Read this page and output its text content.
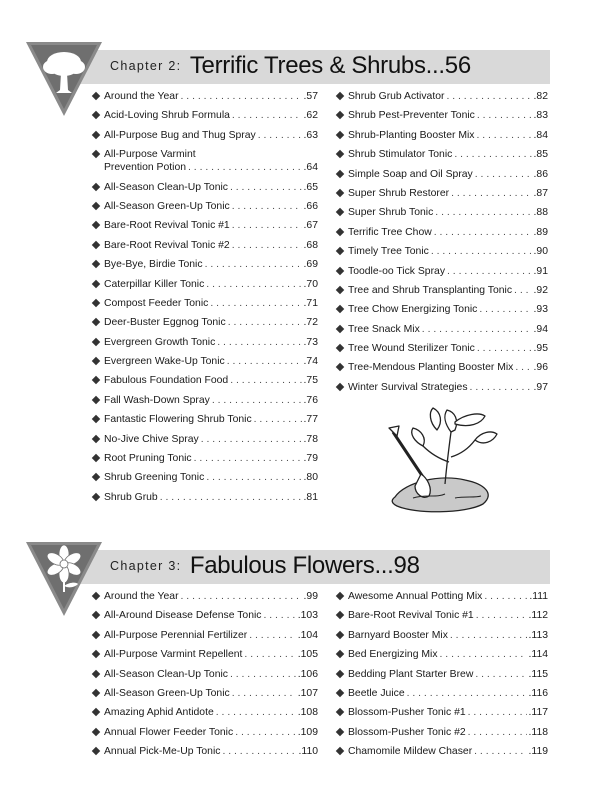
Chapter 2: Terrific Trees & Shrubs...56
Around the Year . . .	.57
Acid-Loving Shrub Formula . . .	.62
All-Purpose Bug and Thug Spray . . .	.63
All-Purpose Varmint
Prevention Potion . . .	.64
All-Season Clean-Up Tonic . . .	.65
All-Season Green-Up Tonic . . .	.66
Bare-Root Revival Tonic #1 . . .	.67
Bare-Root Revival Tonic #2 . . .	.68
Bye-Bye, Birdie Tonic . . .	.69
Caterpillar Killer Tonic . . .	.70
Compost Feeder Tonic . . .	.71
Deer-Buster Eggnog Tonic . . .	.72
Evergreen Growth Tonic . . .	.73
Evergreen Wake-Up Tonic . . .	.74
Fabulous Foundation Food . . .	.75
Fall Wash-Down Spray . . .	.76
Fantastic Flowering Shrub Tonic . . .	.77
No-Jive Chive Spray . . .	.78
Root Pruning Tonic . . .	.79
Shrub Greening Tonic . . .	.80
Shrub Grub . . .	.81
Shrub Grub Activator . . .	.82
Shrub Pest-Preventer Tonic . . .	.83
Shrub-Planting Booster Mix . . .	.84
Shrub Stimulator Tonic . . .	.85
Simple Soap and Oil Spray . . .	.86
Super Shrub Restorer . . .	.87
Super Shrub Tonic . . .	.88
Terrific Tree Chow . . .	.89
Timely Tree Tonic . . .	.90
Toodle-oo Tick Spray . . .	.91
Tree and Shrub Transplanting Tonic . . . .92
Tree Chow Energizing Tonic . . .	.93
Tree Snack Mix . . .	.94
Tree Wound Sterilizer Tonic . . .	.95
Tree-Mendous Planting Booster Mix . . . .96
Winter Survival Strategies . . .	.97
Chapter 3: Fabulous Flowers...98
Around the Year . . .	.99
All-Around Disease Defense Tonic . . .	.103
All-Purpose Perennial Fertilizer . . .	.104
All-Purpose Varmint Repellent . . .	.105
All-Season Clean-Up Tonic . . .	.106
All-Season Green-Up Tonic . . .	.107
Amazing Aphid Antidote . . .	.108
Annual Flower Feeder Tonic . . .	.109
Annual Pick-Me-Up Tonic . . .	.110
Awesome Annual Potting Mix . . .	.111
Bare-Root Revival Tonic #1 . . .	.112
Barnyard Booster Mix . . .	.113
Bed Energizing Mix . . .	.114
Bedding Plant Starter Brew . . .	.115
Beetle Juice . . .	.116
Blossom-Pusher Tonic #1 . . .	.117
Blossom-Pusher Tonic #2 . . .	.118
Chamomile Mildew Chaser . . .	.119
